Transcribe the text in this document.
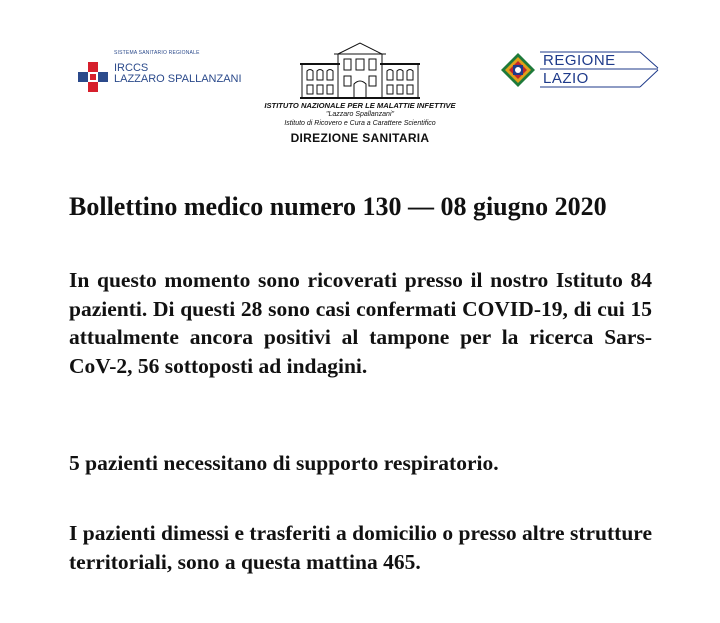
SISTEMA SANITARIO REGIONALE
IRCCS
LAZZARO SPALLANZANI
ISTITUTO NAZIONALE PER LE MALATTIE INFETTIVE
"Lazzaro Spallanzani"
Istituto di Ricovero e Cura a Carattere Scientifico
DIREZIONE SANITARIA
REGIONE
LAZIO
Bollettino medico numero 130 — 08 giugno 2020
In questo momento sono ricoverati presso il nostro Istituto 84 pazienti. Di questi 28 sono casi confermati COVID-19, di cui 15 attualmente ancora positivi al tampone per la ricerca Sars-CoV-2, 56 sottoposti ad indagini.
5 pazienti necessitano di supporto respiratorio.
I pazienti dimessi e trasferiti a domicilio o presso altre strutture territoriali, sono a questa mattina 465.
